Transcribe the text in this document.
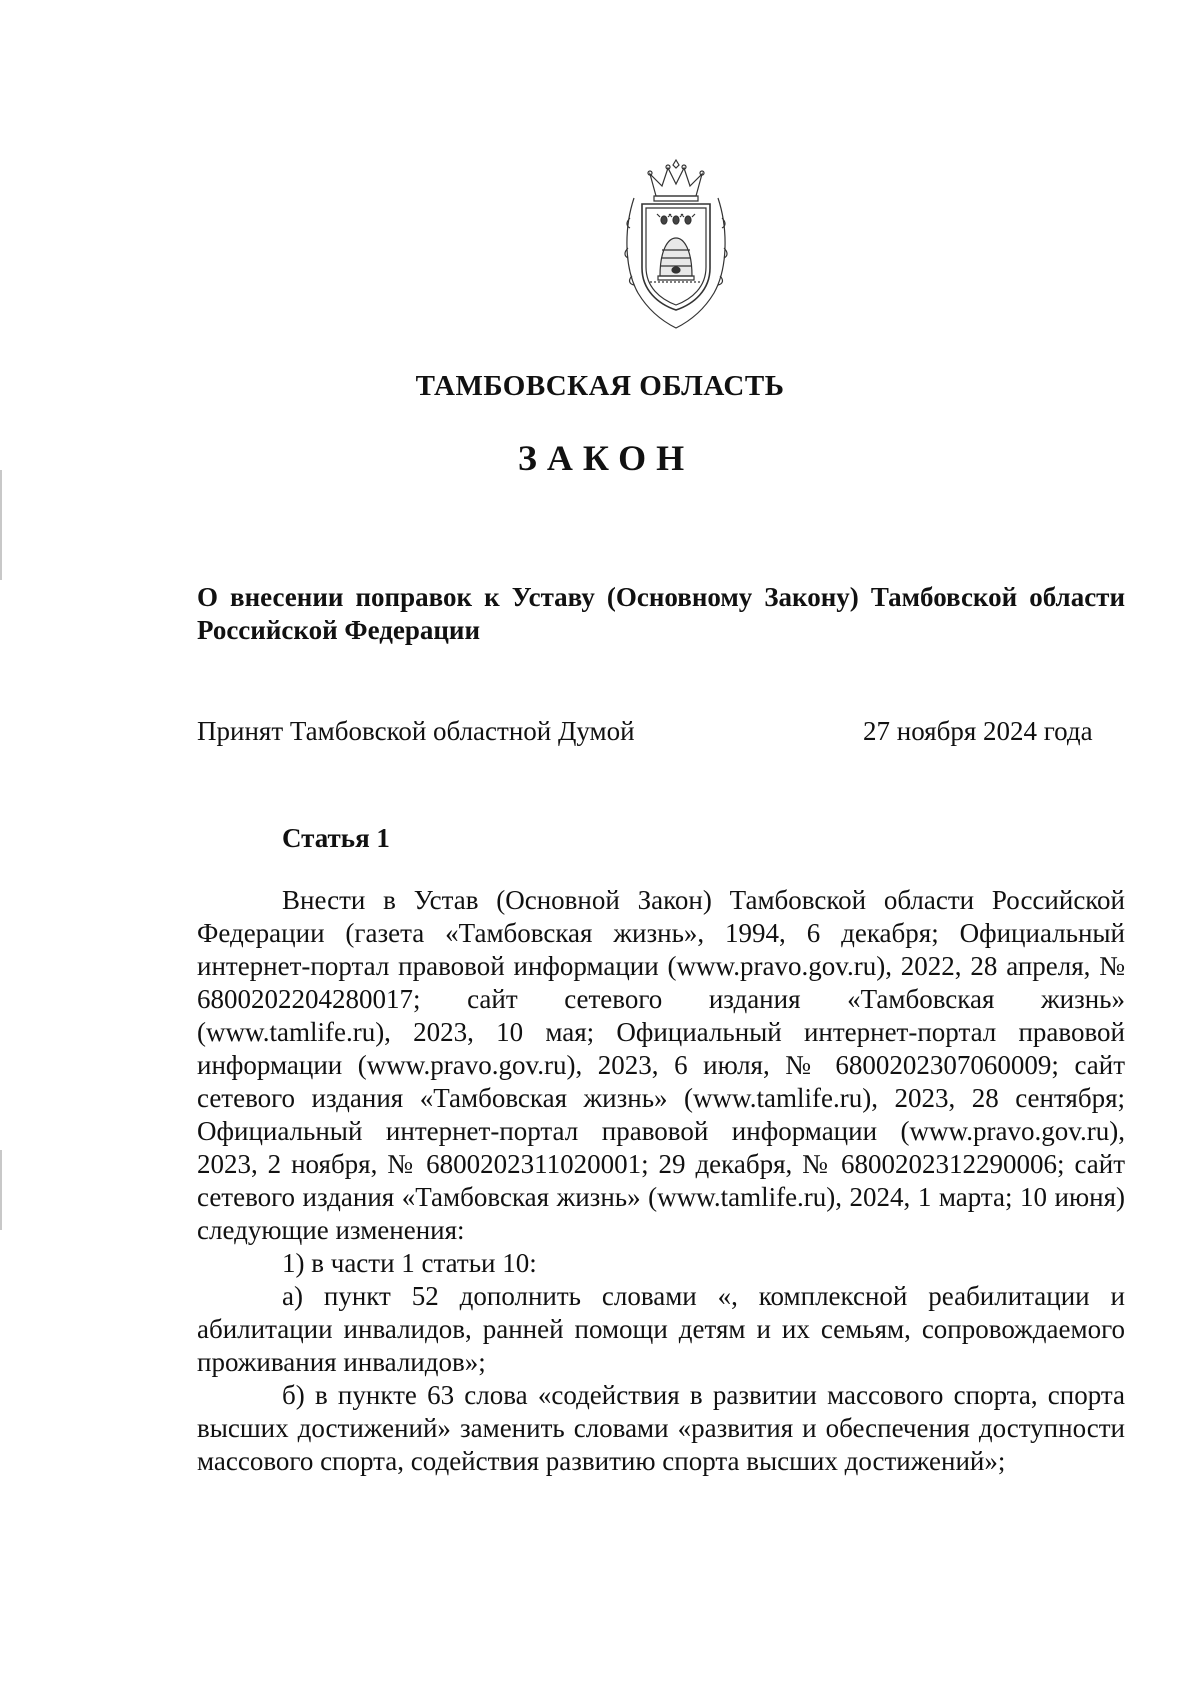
ТАМБОВСКАЯ ОБЛАСТЬ
ЗАКОН
О внесении поправок к Уставу (Основному Закону) Тамбовской области Российской Федерации
Принят Тамбовской областной Думой	27 ноября 2024 года
Статья 1

Внести в Устав (Основной Закон) Тамбовской области Российской Федерации (газета «Тамбовская жизнь», 1994, 6 декабря; Официальный интернет-портал правовой информации (www.pravo.gov.ru), 2022, 28 апреля, № 6800202204280017; сайт сетевого издания «Тамбовская жизнь» (www.tamlife.ru), 2023, 10 мая; Официальный интернет-портал правовой информации (www.pravo.gov.ru), 2023, 6 июля, № 6800202307060009; сайт сетевого издания «Тамбовская жизнь» (www.tamlife.ru), 2023, 28 сентября; Официальный интернет-портал правовой информации (www.pravo.gov.ru), 2023, 2 ноября, № 6800202311020001; 29 декабря, № 6800202312290006; сайт сетевого издания «Тамбовская жизнь» (www.tamlife.ru), 2024, 1 марта; 10 июня) следующие изменения:

1) в части 1 статьи 10:

а) пункт 52 дополнить словами «, комплексной реабилитации и абилитации инвалидов, ранней помощи детям и их семьям, сопровождаемого проживания инвалидов»;

б) в пункте 63 слова «содействия в развитии массового спорта, спорта высших достижений» заменить словами «развития и обеспечения доступности массового спорта, содействия развитию спорта высших достижений»;
